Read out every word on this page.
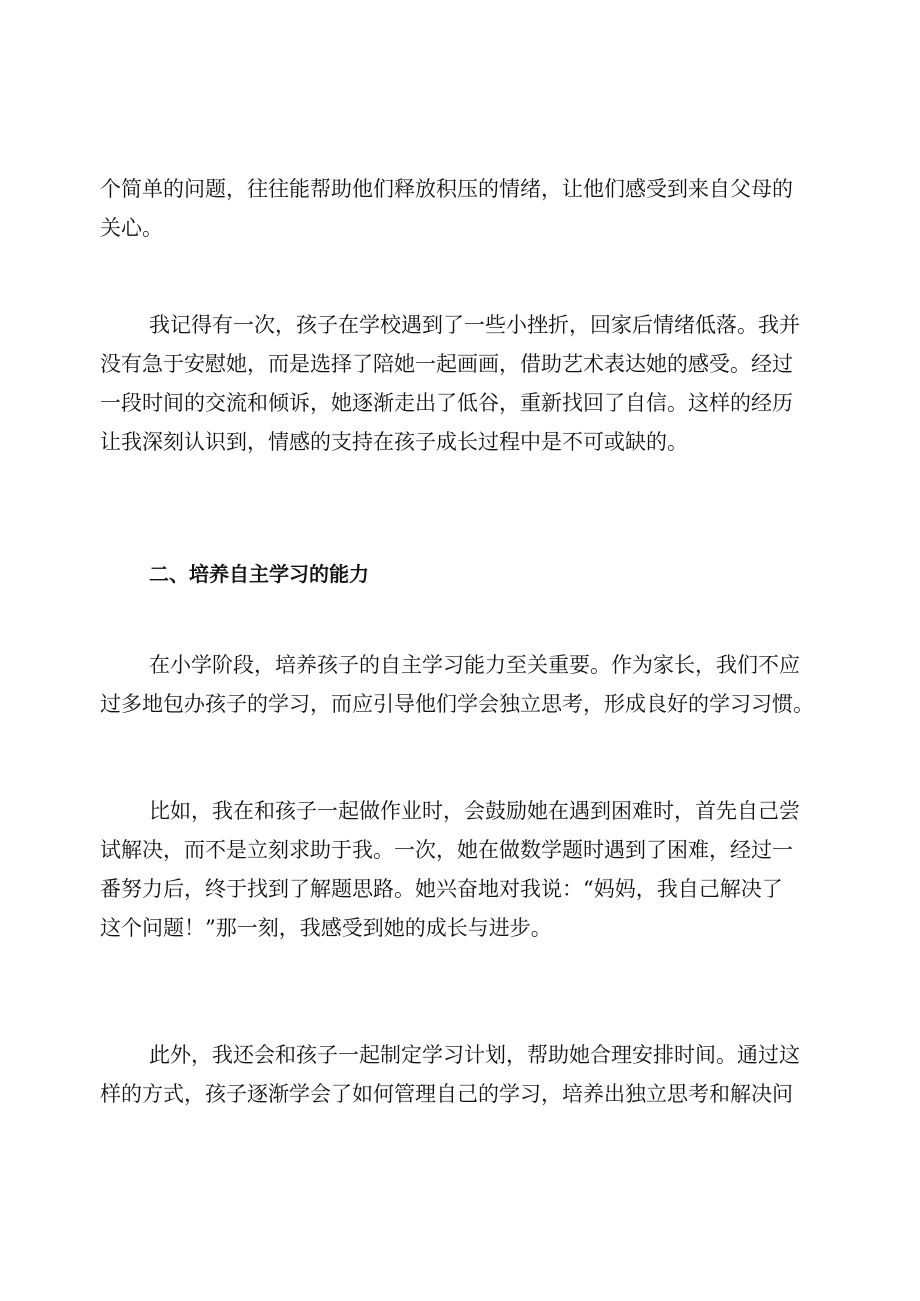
个简单的问题，往往能帮助他们释放积压的情绪，让他们感受到来自父母的
关心。

我记得有一次，孩子在学校遇到了一些小挫折，回家后情绪低落。我并
没有急于安慰她，而是选择了陪她一起画画，借助艺术表达她的感受。经过
一段时间的交流和倾诉，她逐渐走出了低谷，重新找回了自信。这样的经历
让我深刻认识到，情感的支持在孩子成长过程中是不可或缺的。

二、培养自主学习的能力

在小学阶段，培养孩子的自主学习能力至关重要。作为家长，我们不应
过多地包办孩子的学习，而应引导他们学会独立思考，形成良好的学习习惯。

比如，我在和孩子一起做作业时，会鼓励她在遇到困难时，首先自己尝
试解决，而不是立刻求助于我。一次，她在做数学题时遇到了困难，经过一
番努力后，终于找到了解题思路。她兴奋地对我说：“妈妈，我自己解决了
这个问题！”那一刻，我感受到她的成长与进步。

此外，我还会和孩子一起制定学习计划，帮助她合理安排时间。通过这
样的方式，孩子逐渐学会了如何管理自己的学习，培养出独立思考和解决问
